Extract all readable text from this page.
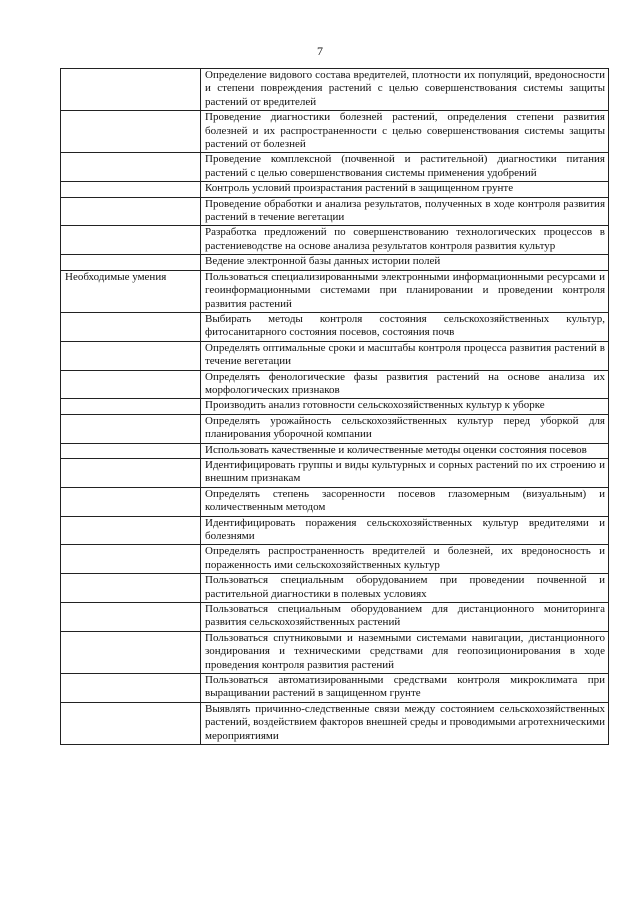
7
	Определение видового состава вредителей, плотности их популяций, вредоносности и степени повреждения растений с целью совершенствования системы защиты растений от вредителей
	Проведение диагностики болезней растений, определения степени развития болезней и их распространенности с целью совершенствования системы защиты растений от болезней
	Проведение комплексной (почвенной и растительной) диагностики питания растений с целью совершенствования системы применения удобрений
	Контроль условий произрастания растений в защищенном грунте
	Проведение обработки и анализа результатов, полученных в ходе контроля развития растений в течение вегетации
	Разработка предложений по совершенствованию технологических процессов в растениеводстве на основе анализа результатов контроля развития культур
	Ведение электронной базы данных истории полей
Необходимые умения	Пользоваться специализированными электронными информационными ресурсами и геоинформационными системами при планировании и проведении контроля развития растений
	Выбирать методы контроля состояния сельскохозяйственных культур, фитосанитарного состояния посевов, состояния почв
	Определять оптимальные сроки и масштабы контроля процесса развития растений в течение вегетации
	Определять фенологические фазы развития растений на основе анализа их морфологических признаков
	Производить анализ готовности сельскохозяйственных культур к уборке
	Определять урожайность сельскохозяйственных культур перед уборкой для планирования уборочной компании
	Использовать качественные и количественные методы оценки состояния посевов
	Идентифицировать группы и виды культурных и сорных растений по их строению и внешним признакам
	Определять степень засоренности посевов глазомерным (визуальным) и количественным методом
	Идентифицировать поражения сельскохозяйственных культур вредителями и болезнями
	Определять распространенность вредителей и болезней, их вредоносность и пораженность ими сельскохозяйственных культур
	Пользоваться специальным оборудованием при проведении почвенной и растительной диагностики в полевых условиях
	Пользоваться специальным оборудованием для дистанционного мониторинга развития сельскохозяйственных растений
	Пользоваться спутниковыми и наземными системами навигации, дистанционного зондирования и техническими средствами для геопозиционирования в ходе проведения контроля развития растений
	Пользоваться автоматизированными средствами контроля микроклимата при выращивании растений в защищенном грунте
	Выявлять причинно-следственные связи между состоянием сельскохозяйственных растений, воздействием факторов внешней среды и проводимыми агротехническими мероприятиями
